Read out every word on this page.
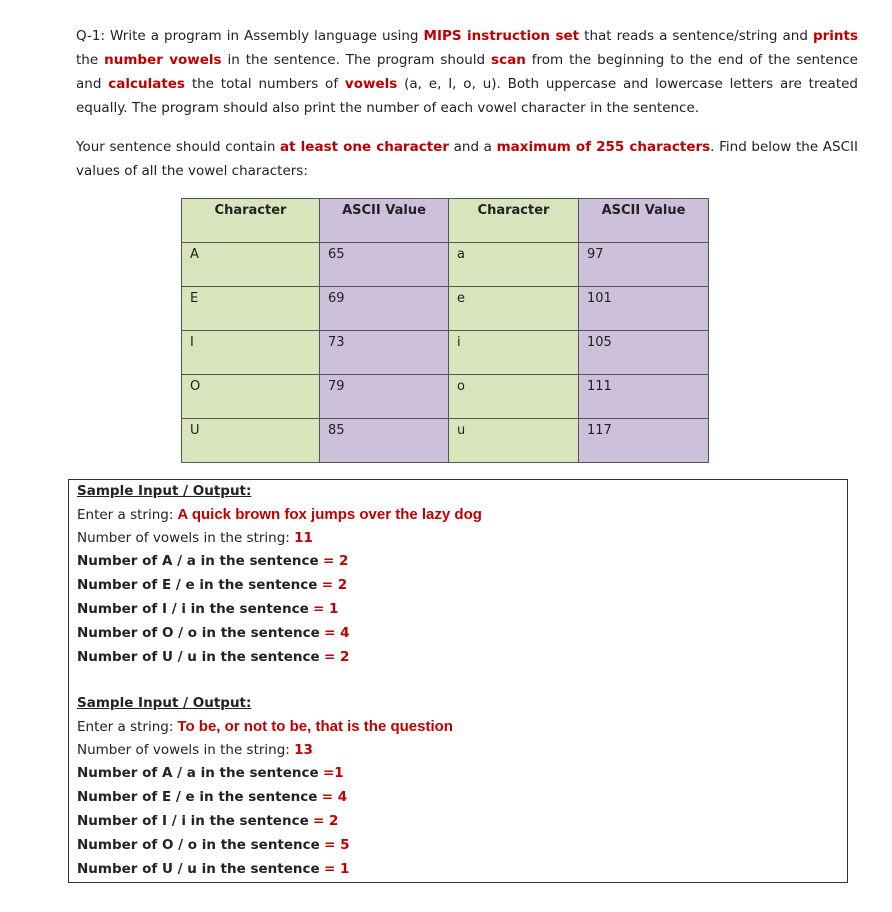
Q-1: Write a program in Assembly language using MIPS instruction set that reads a sentence/string and prints the number vowels in the sentence. The program should scan from the beginning to the end of the sentence and calculates the total numbers of vowels (a, e, I, o, u). Both uppercase and lowercase letters are treated equally. The program should also print the number of each vowel character in the sentence.
Your sentence should contain at least one character and a maximum of 255 characters. Find below the ASCII values of all the vowel characters:
Character	ASCII Value	Character	ASCII Value
A	65	a	97
E	69	e	101
I	73	i	105
O	79	o	111
U	85	u	117
Sample Input / Output:
Enter a string: A quick brown fox jumps over the lazy dog
Number of vowels in the string: 11
Number of A / a in the sentence = 2
Number of E / e in the sentence = 2
Number of I / i in the sentence = 1
Number of O / o in the sentence = 4
Number of U / u in the sentence = 2
Sample Input / Output:
Enter a string: To be, or not to be, that is the question
Number of vowels in the string: 13
Number of A / a in the sentence =1
Number of E / e in the sentence = 4
Number of I / i in the sentence = 2
Number of O / o in the sentence = 5
Number of U / u in the sentence = 1
